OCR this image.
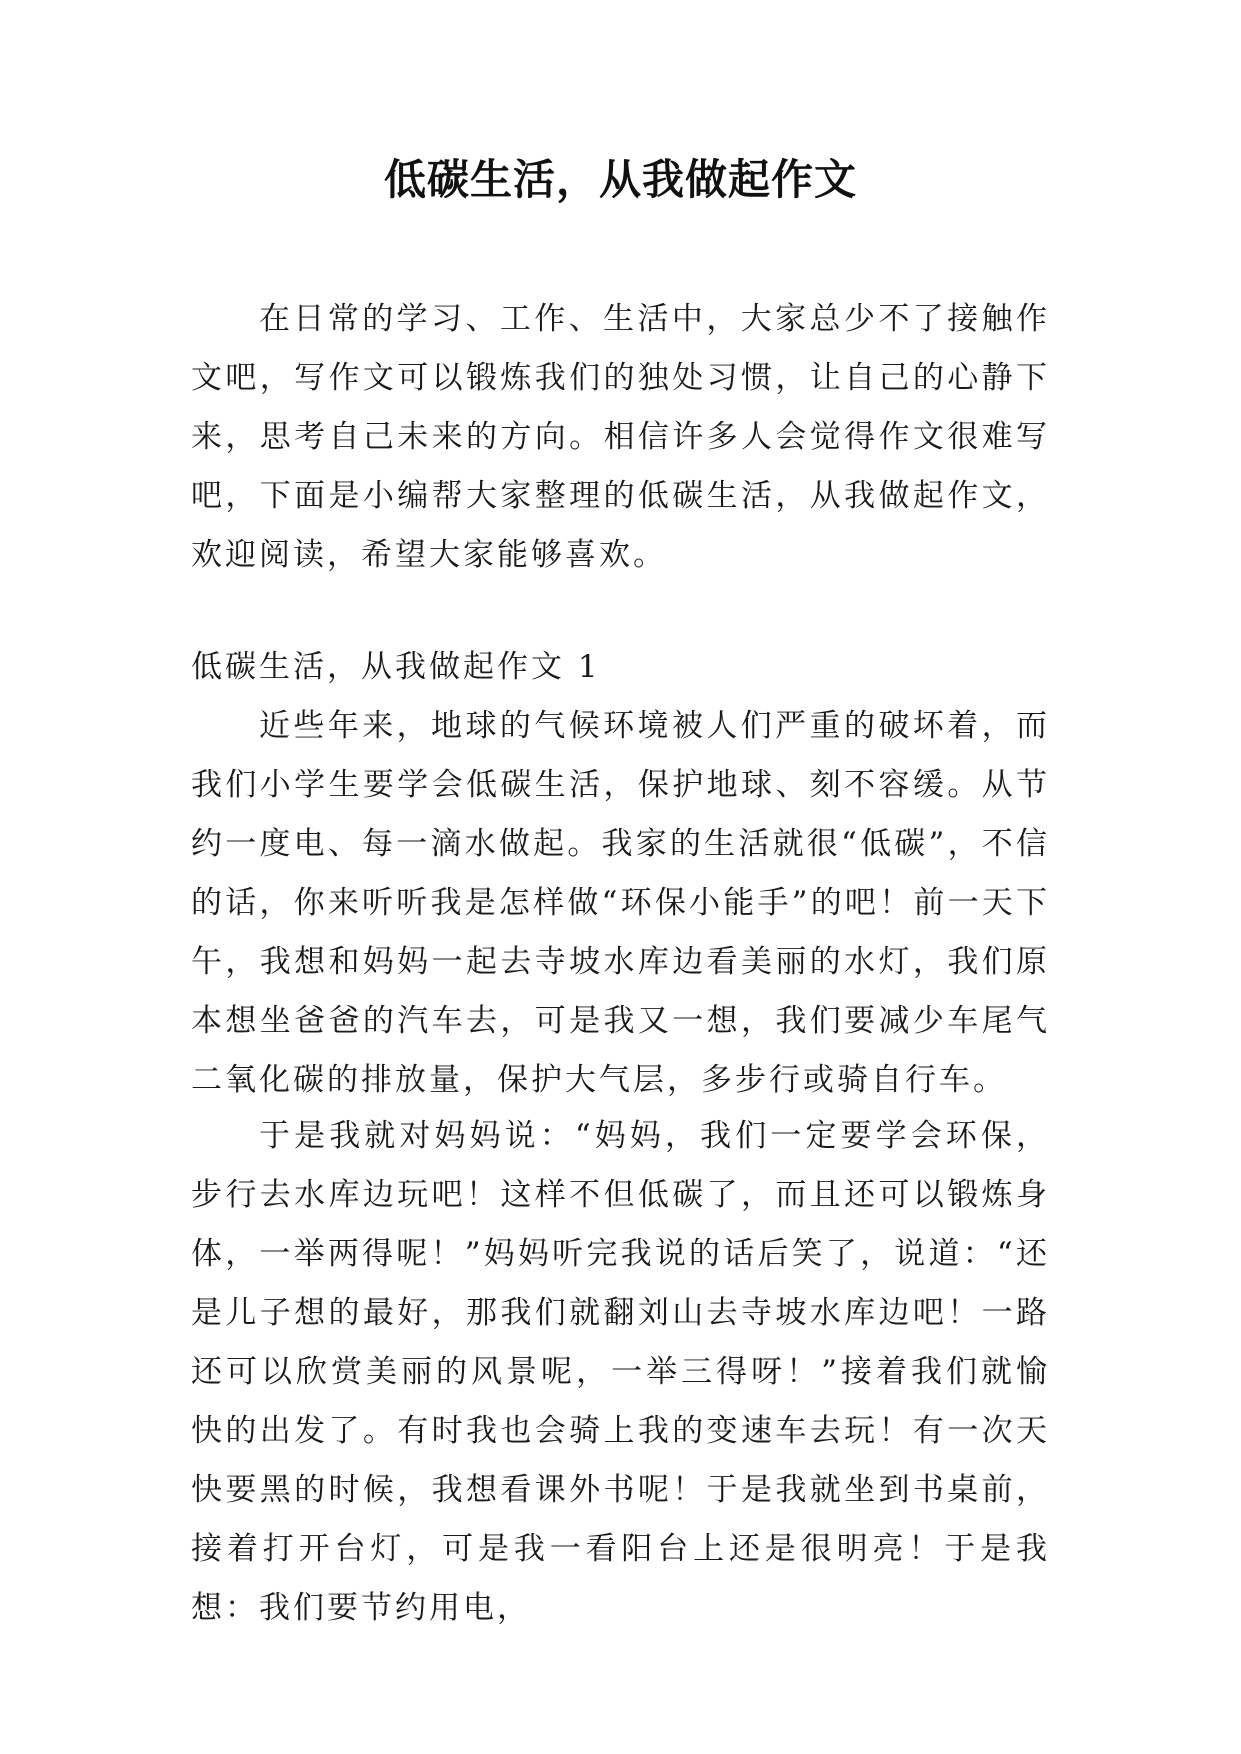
低碳生活，从我做起作文

在日常的学习、工作、生活中，大家总少不了接触作文吧，写作文可以锻炼我们的独处习惯，让自己的心静下来，思考自己未来的方向。相信许多人会觉得作文很难写吧，下面是小编帮大家整理的低碳生活，从我做起作文，欢迎阅读，希望大家能够喜欢。

低碳生活，从我做起作文 1

近些年来，地球的气候环境被人们严重的破坏着，而我们小学生要学会低碳生活，保护地球、刻不容缓。从节约一度电、每一滴水做起。我家的生活就很“低碳”，不信的话，你来听听我是怎样做“环保小能手”的吧！前一天下午，我想和妈妈一起去寺坡水库边看美丽的水灯，我们原本想坐爸爸的汽车去，可是我又一想，我们要减少车尾气二氧化碳的排放量，保护大气层，多步行或骑自行车。

于是我就对妈妈说：“妈妈，我们一定要学会环保，步行去水库边玩吧！这样不但低碳了，而且还可以锻炼身体，一举两得呢！”妈妈听完我说的话后笑了，说道：“还是儿子想的最好，那我们就翻刘山去寺坡水库边吧！一路还可以欣赏美丽的风景呢，一举三得呀！”接着我们就愉快的出发了。有时我也会骑上我的变速车去玩！有一次天快要黑的时候，我想看课外书呢！于是我就坐到书桌前，接着打开台灯，可是我一看阳台上还是很明亮！于是我想：我们要节约用电，
